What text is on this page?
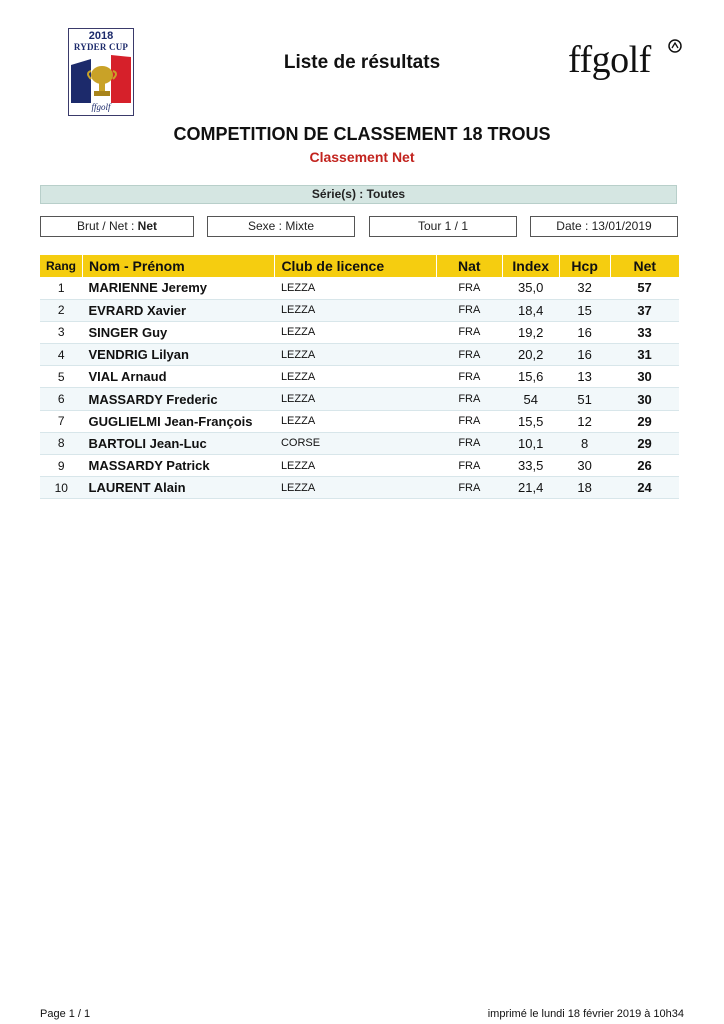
2018
RYDER CUP
ffgolf
Liste de résultats	ffgolf
COMPETITION DE CLASSEMENT 18 TROUS
Classement Net
Série(s) : Toutes
Brut / Net : Net	Sexe : Mixte	Tour 1 / 1	Date : 13/01/2019
Rang	Nom - Prénom	Club de licence	Nat	Index	Hcp	Net
1	MARIENNE Jeremy	LEZZA	FRA	35,0	32	57
2	EVRARD Xavier	LEZZA	FRA	18,4	15	37
3	SINGER Guy	LEZZA	FRA	19,2	16	33
4	VENDRIG Lilyan	LEZZA	FRA	20,2	16	31
5	VIAL Arnaud	LEZZA	FRA	15,6	13	30
6	MASSARDY Frederic	LEZZA	FRA	54	51	30
7	GUGLIELMI Jean-François	LEZZA	FRA	15,5	12	29
8	BARTOLI Jean-Luc	CORSE	FRA	10,1	8	29
9	MASSARDY Patrick	LEZZA	FRA	33,5	30	26
10	LAURENT Alain	LEZZA	FRA	21,4	18	24
Page 1 / 1	imprimé le lundi 18 février 2019 à 10h34
